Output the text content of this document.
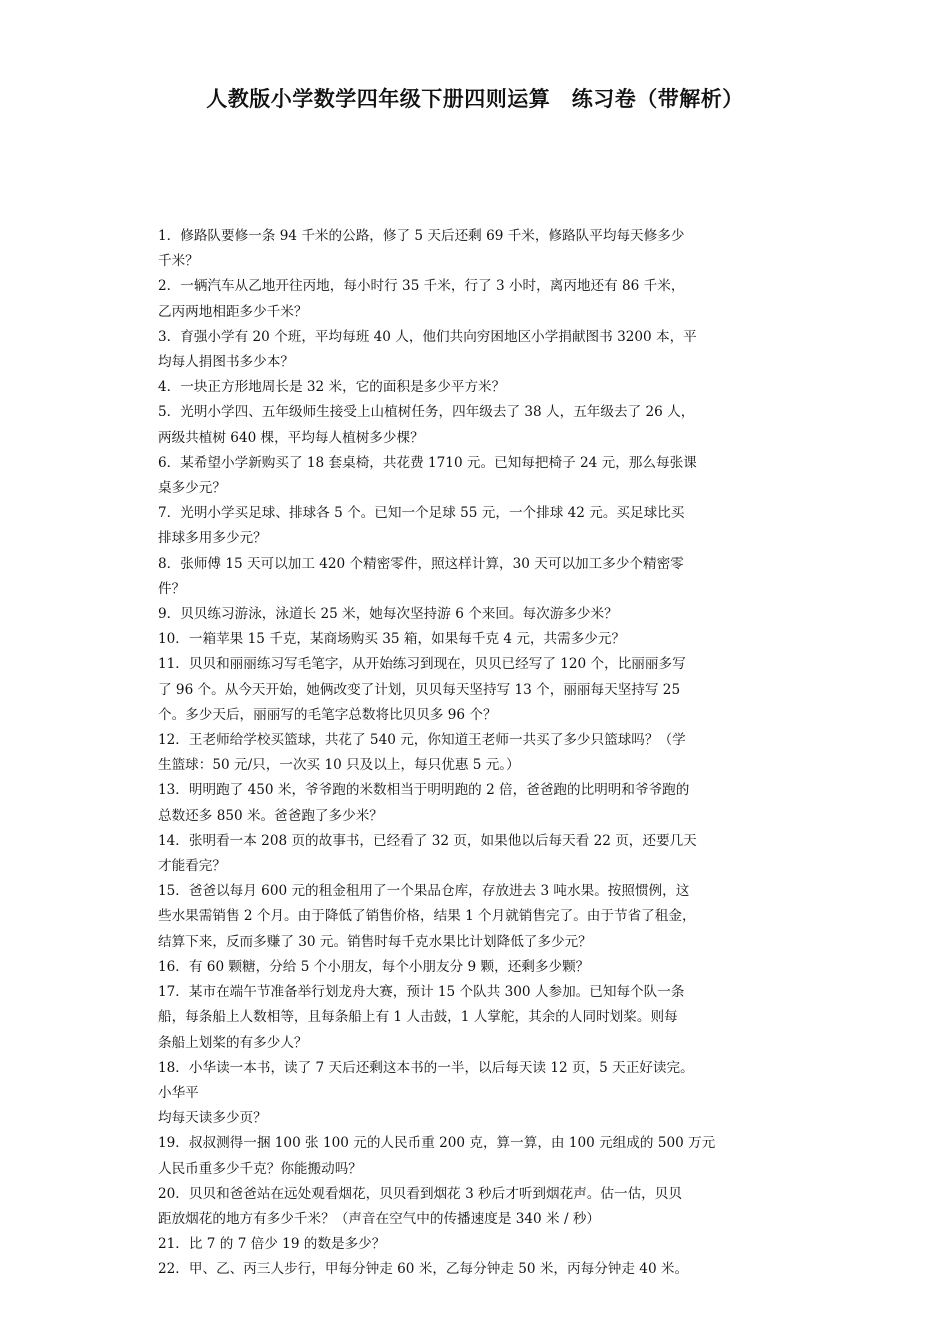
人教版小学数学四年级下册四则运算　练习卷（带解析）

1．修路队要修一条 94 千米的公路，修了 5 天后还剩 69 千米，修路队平均每天修多少
千米？

2．一辆汽车从乙地开往丙地，每小时行 35 千米，行了 3 小时，离丙地还有 86 千米，
乙丙两地相距多少千米？

3．育强小学有 20 个班，平均每班 40 人，他们共向穷困地区小学捐献图书 3200 本，平
均每人捐图书多少本？

4．一块正方形地周长是 32 米，它的面积是多少平方米？

5．光明小学四、五年级师生接受上山植树任务，四年级去了 38 人，五年级去了 26 人，
两级共植树 640 棵，平均每人植树多少棵？

6．某希望小学新购买了 18 套桌椅，共花费 1710 元。已知每把椅子 24 元，那么每张课
桌多少元？

7．光明小学买足球、排球各 5 个。已知一个足球 55 元，一个排球 42 元。买足球比买
排球多用多少元？

8．张师傅 15 天可以加工 420 个精密零件，照这样计算，30 天可以加工多少个精密零
件？

9．贝贝练习游泳，泳道长 25 米，她每次坚持游 6 个来回。每次游多少米？

10．一箱苹果 15 千克，某商场购买 35 箱，如果每千克 4 元，共需多少元？

11．贝贝和丽丽练习写毛笔字，从开始练习到现在，贝贝已经写了 120 个，比丽丽多写
了 96 个。从今天开始，她俩改变了计划，贝贝每天坚持写 13 个，丽丽每天坚持写 25
个。多少天后，丽丽写的毛笔字总数将比贝贝多 96 个？

12．王老师给学校买篮球，共花了 540 元，你知道王老师一共买了多少只篮球吗？（学
生篮球：50 元/只，一次买 10 只及以上，每只优惠 5 元。）

13．明明跑了 450 米，爷爷跑的米数相当于明明跑的 2 倍，爸爸跑的比明明和爷爷跑的
总数还多 850 米。爸爸跑了多少米？

14．张明看一本 208 页的故事书，已经看了 32 页，如果他以后每天看 22 页，还要几天
才能看完？

15．爸爸以每月 600 元的租金租用了一个果品仓库，存放进去 3 吨水果。按照惯例，这
些水果需销售 2 个月。由于降低了销售价格，结果 1 个月就销售完了。由于节省了租金，
结算下来，反而多赚了 30 元。销售时每千克水果比计划降低了多少元？

16．有 60 颗糖，分给 5 个小朋友，每个小朋友分 9 颗，还剩多少颗？

17．某市在端午节准备举行划龙舟大赛，预计 15 个队共 300 人参加。已知每个队一条
船，每条船上人数相等，且每条船上有 1 人击鼓，1 人掌舵，其余的人同时划桨。则每
条船上划桨的有多少人？

18．小华读一本书，读了 7 天后还剩这本书的一半，以后每天读 12 页，5 天正好读完。
小华平
均每天读多少页？

19．叔叔测得一捆 100 张 100 元的人民币重 200 克，算一算，由 100 元组成的 500 万元
人民币重多少千克？你能搬动吗？

20．贝贝和爸爸站在远处观看烟花，贝贝看到烟花 3 秒后才听到烟花声。估一估，贝贝
距放烟花的地方有多少千米？（声音在空气中的传播速度是 340 米 / 秒）

21．比 7 的 7 倍少 19 的数是多少？

22．甲、乙、丙三人步行，甲每分钟走 60 米，乙每分钟走 50 米，丙每分钟走 40 米。
